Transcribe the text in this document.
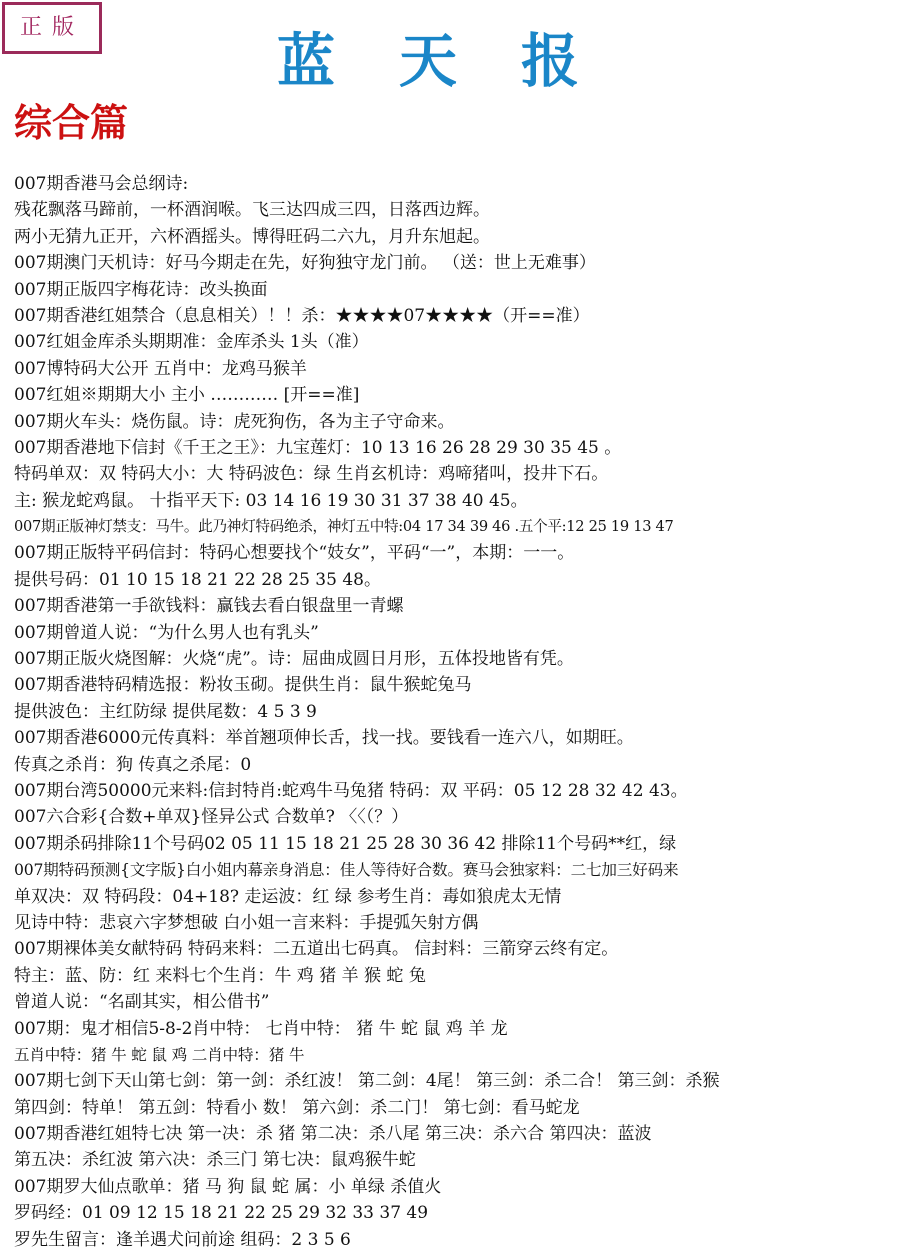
正版	蓝天报
综合篇
007期香港马会总纲诗:
残花飘落马蹄前，一杯酒润喉。飞三达四成三四，日落西边辉。
两小无猜九正开，六杯酒摇头。博得旺码二六九，月升东旭起。
007期澳门天机诗：好马今期走在先，好狗独守龙门前。 （送：世上无难事）
007期正版四字梅花诗：改头换面
007期香港红姐禁合（息息相关）！！杀：★★★★07★★★★（开==准）
007红姐金库杀头期期准：金库杀头 1头（准）
007博特码大公开 五肖中：龙鸡马猴羊
007红姐※期期大小 主小 ………… [开==准]
007期火车头：烧伤鼠。诗：虎死狗伤，各为主子守命来。
007期香港地下信封《千王之王》：九宝莲灯：10 13 16 26 28 29 30 35 45 。
特码单双：双 特码大小：大 特码波色：绿 生肖玄机诗：鸡啼猪叫，投井下石。
主: 猴龙蛇鸡鼠。 十指平天下: 03 14 16 19 30 31 37 38 40 45。
007期正版神灯禁支：马牛。此乃神灯特码绝杀，神灯五中特:04 17 34 39 46 .五个平:12 25 19 13 47
007期正版特平码信封：特码心想要找个“妓女”，平码“一”，本期：一一。
提供号码：01 10 15 18 21 22 28 25 35 48。
007期香港第一手欲钱料：赢钱去看白银盘里一青螺
007期曾道人说：“为什么男人也有乳头”
007期正版火烧图解：火烧“虎”。诗：屈曲成圆日月形，五体投地皆有凭。
007期香港特码精选报：粉妆玉砌。提供生肖：鼠牛猴蛇兔马
提供波色：主红防绿 提供尾数：4 5 3 9
007期香港6000元传真料：举首翘项伸长舌，找一找。要钱看一连六八，如期旺。
传真之杀肖：狗 传真之杀尾：0
007期台湾50000元来料:信封特肖:蛇鸡牛马兔猪 特码：双 平码：05 12 28 32 42 43。
007六合彩{合数+单双}怪异公式 合数单? 〈〈（？）
007期杀码排除11个号码02 05 11 15 18 21 25 28 30 36 42 排除11个号码**红，绿
007期特码预测{文字版}白小姐内幕亲身消息：佳人等待好合数。赛马会独家料：二七加三好码来
单双决：双 特码段：04+18? 走运波：红 绿 参考生肖：毒如狼虎太无情
见诗中特：悲哀六字梦想破 白小姐一言来料：手提弧矢射方偶
007期裸体美女献特码 特码来料：二五道出七码真。 信封料：三箭穿云终有定。
特主：蓝、防：红 来料七个生肖：牛 鸡 猪 羊 猴 蛇 兔
曾道人说：“名副其实，相公借书”
007期：鬼才相信5-8-2肖中特： 七肖中特： 猪 牛 蛇 鼠 鸡 羊 龙
五肖中特：猪 牛 蛇 鼠 鸡 二肖中特：猪 牛
007期七剑下天山第七剑：第一剑：杀红波！ 第二剑：4尾！ 第三剑：杀二合！ 第三剑：杀猴
第四剑：特单！ 第五剑：特看小 数！ 第六剑：杀二门！ 第七剑：看马蛇龙
007期香港红姐特七决 第一决：杀 猪 第二决：杀八尾 第三决：杀六合 第四决：蓝波
第五决：杀红波 第六决：杀三门 第七决：鼠鸡猴牛蛇
007期罗大仙点歌单：猪 马 狗 鼠 蛇 属：小 单绿 杀值火
罗码经：01 09 12 15 18 21 22 25 29 32 33 37 49
罗先生留言：逢羊遇犬问前途 组码：2 3 5 6
